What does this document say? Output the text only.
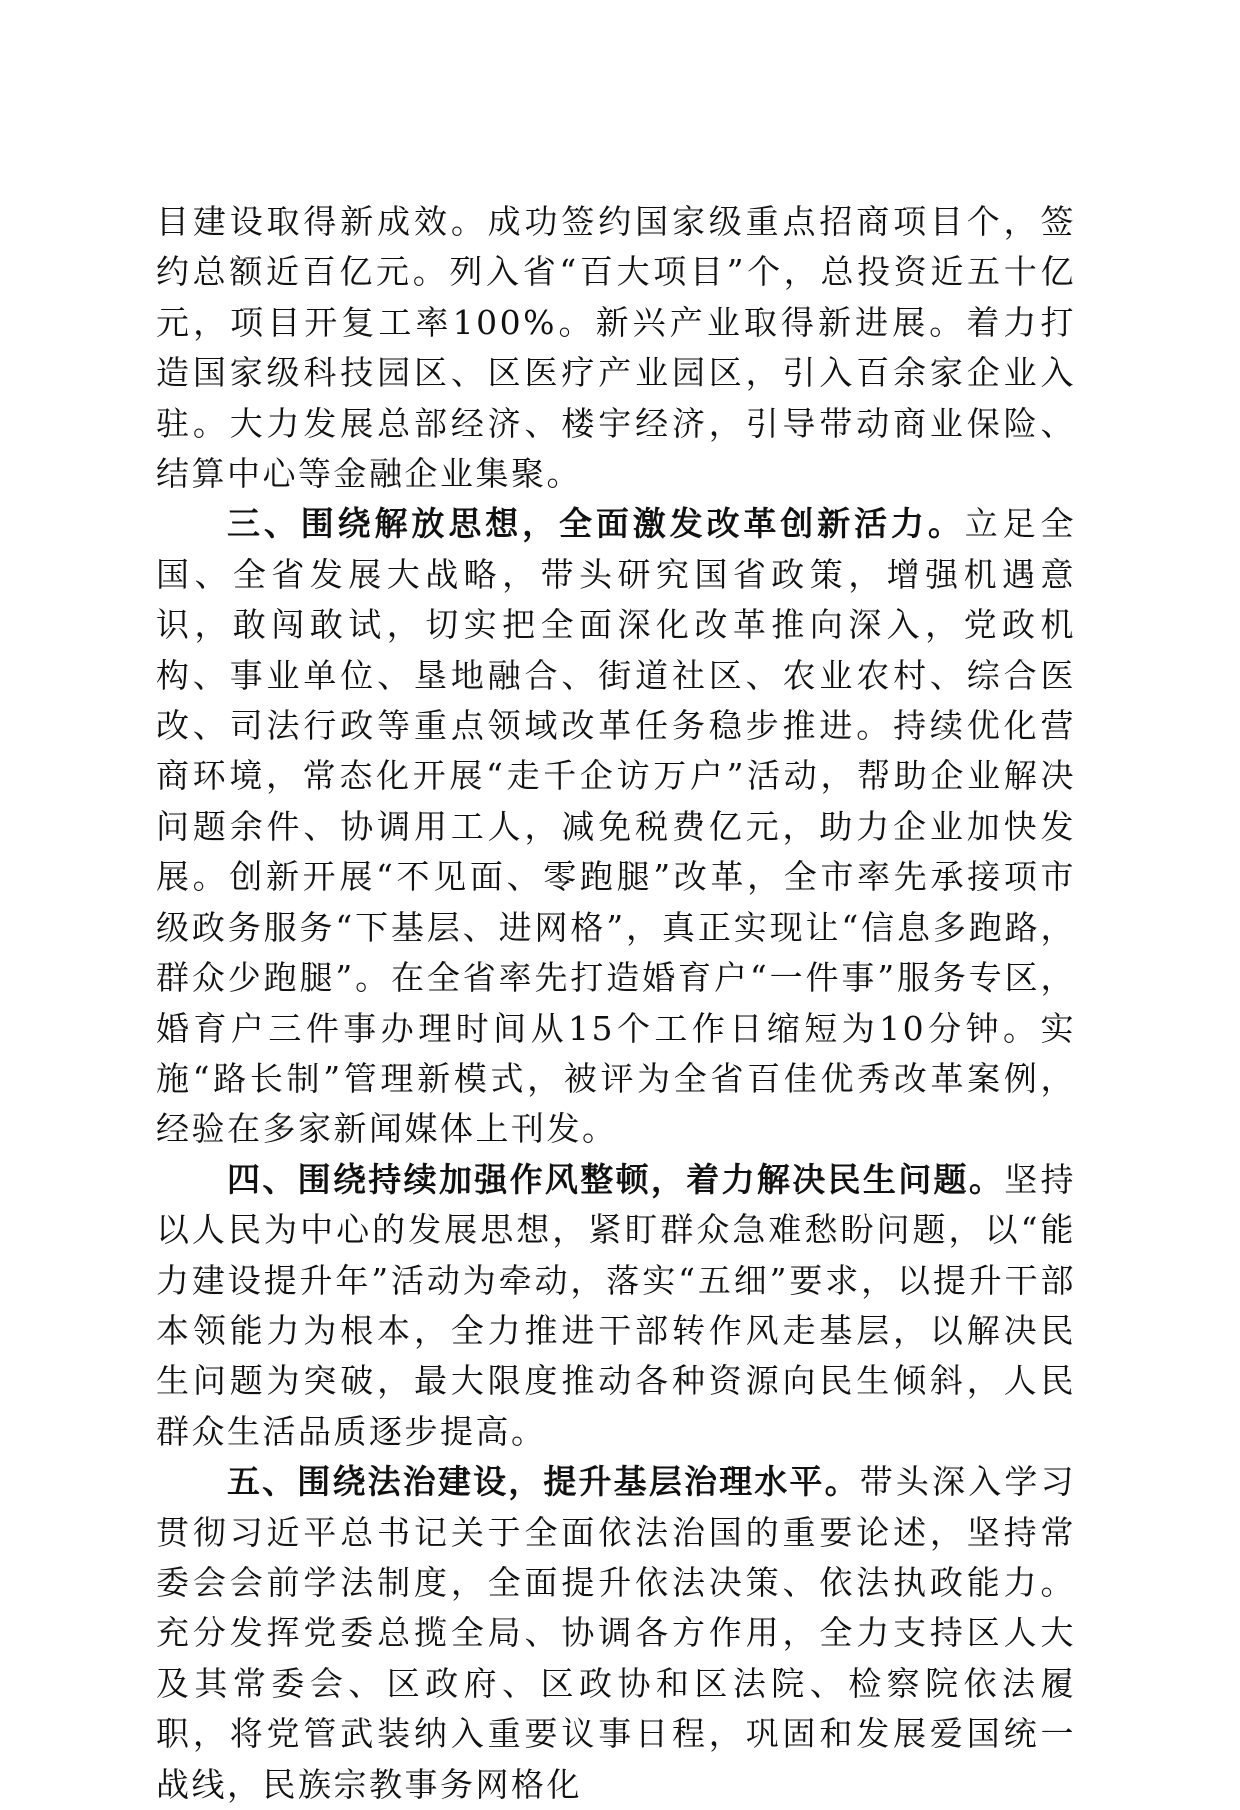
目建设取得新成效。成功签约国家级重点招商项目个，签约总额近百亿元。列入省“百大项目”个，总投资近五十亿元，项目开复工率100%。新兴产业取得新进展。着力打造国家级科技园区、区医疗产业园区，引入百余家企业入驻。大力发展总部经济、楼宇经济，引导带动商业保险、结算中心等金融企业集聚。

三、围绕解放思想，全面激发改革创新活力。立足全国、全省发展大战略，带头研究国省政策，增强机遇意识，敢闯敢试，切实把全面深化改革推向深入，党政机构、事业单位、垦地融合、街道社区、农业农村、综合医改、司法行政等重点领域改革任务稳步推进。持续优化营商环境，常态化开展“走千企访万户”活动，帮助企业解决问题余件、协调用工人，减免税费亿元，助力企业加快发展。创新开展“不见面、零跑腿”改革，全市率先承接项市级政务服务“下基层、进网格”，真正实现让“信息多跑路，群众少跑腿”。在全省率先打造婚育户“一件事”服务专区，婚育户三件事办理时间从15个工作日缩短为10分钟。实施“路长制”管理新模式，被评为全省百佳优秀改革案例，经验在多家新闻媒体上刊发。

四、围绕持续加强作风整顿，着力解决民生问题。坚持以人民为中心的发展思想，紧盯群众急难愁盼问题，以“能力建设提升年”活动为牵动，落实“五细”要求，以提升干部本领能力为根本，全力推进干部转作风走基层，以解决民生问题为突破，最大限度推动各种资源向民生倾斜，人民群众生活品质逐步提高。

五、围绕法治建设，提升基层治理水平。带头深入学习贯彻习近平总书记关于全面依法治国的重要论述，坚持常委会会前学法制度，全面提升依法决策、依法执政能力。充分发挥党委总揽全局、协调各方作用，全力支持区人大及其常委会、区政府、区政协和区法院、检察院依法履职，将党管武装纳入重要议事日程，巩固和发展爱国统一战线，民族宗教事务网格化
